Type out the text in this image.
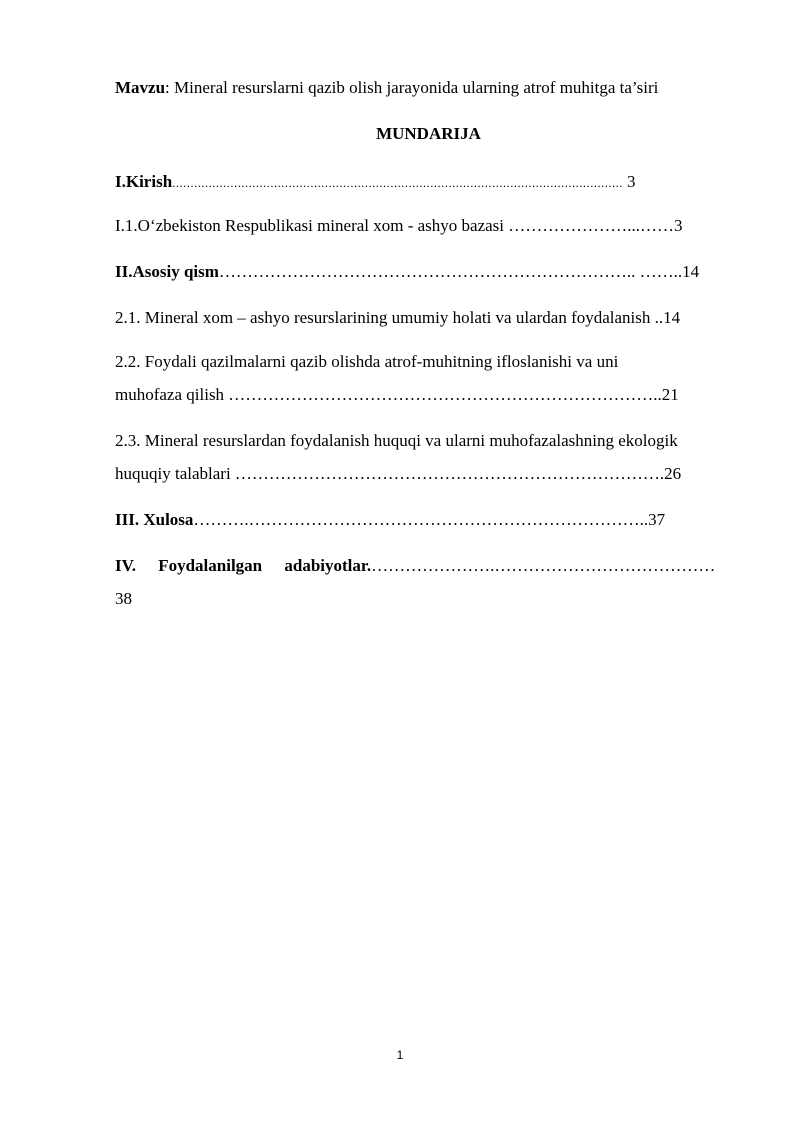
Mavzu: Mineral resurslarni qazib olish jarayonida ularning atrof muhitga ta’siri
MUNDARIJA
I.Kirish............................................................................................................................ 3
I.1.O‘zbekiston Respublikasi mineral xom - ashyo bazasi …………………...……3
II.Asosiy qism……………………………………………………………….. ……..14
2.1. Mineral xom – ashyo resurslarining umumiy holati va ulardan foydalanish ..14
2.2. Foydali qazilmalarni qazib olishda atrof-muhitning ifloslanishi va uni
muhofaza qilish …………………………………………………………………..21
2.3. Mineral resurslardan foydalanish huquqi va ularni muhofazalashning ekologik
huquqiy talablari ………………………………………………………………….26
III. Xulosa……….……………………………………………………………..37
IV. Foydalanilgan adabiyotlar.………………….…………………………………
38
1
